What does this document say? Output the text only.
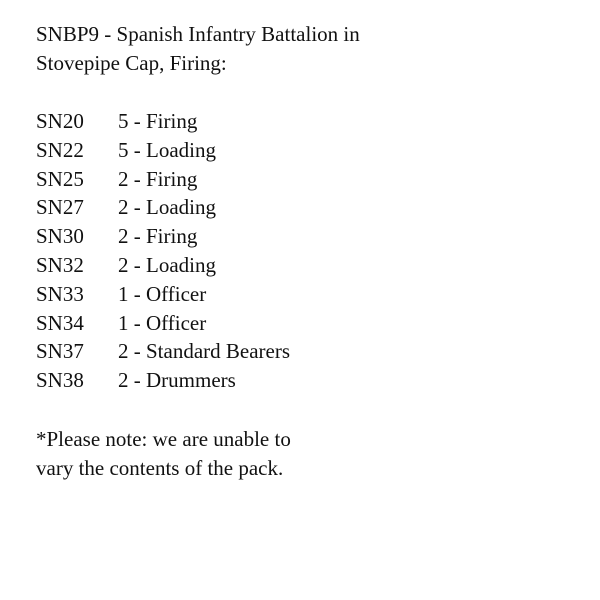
SNBP9 - Spanish Infantry Battalion in
Stovepipe Cap, Firing:
SN20	5 - Firing
SN22	5 - Loading
SN25	2 - Firing
SN27	2 - Loading
SN30	2 - Firing
SN32	2 - Loading
SN33	1 - Officer
SN34	1 - Officer
SN37	2 - Standard Bearers
SN38	2 - Drummers
*Please note: we are unable to
vary the contents of the pack.
